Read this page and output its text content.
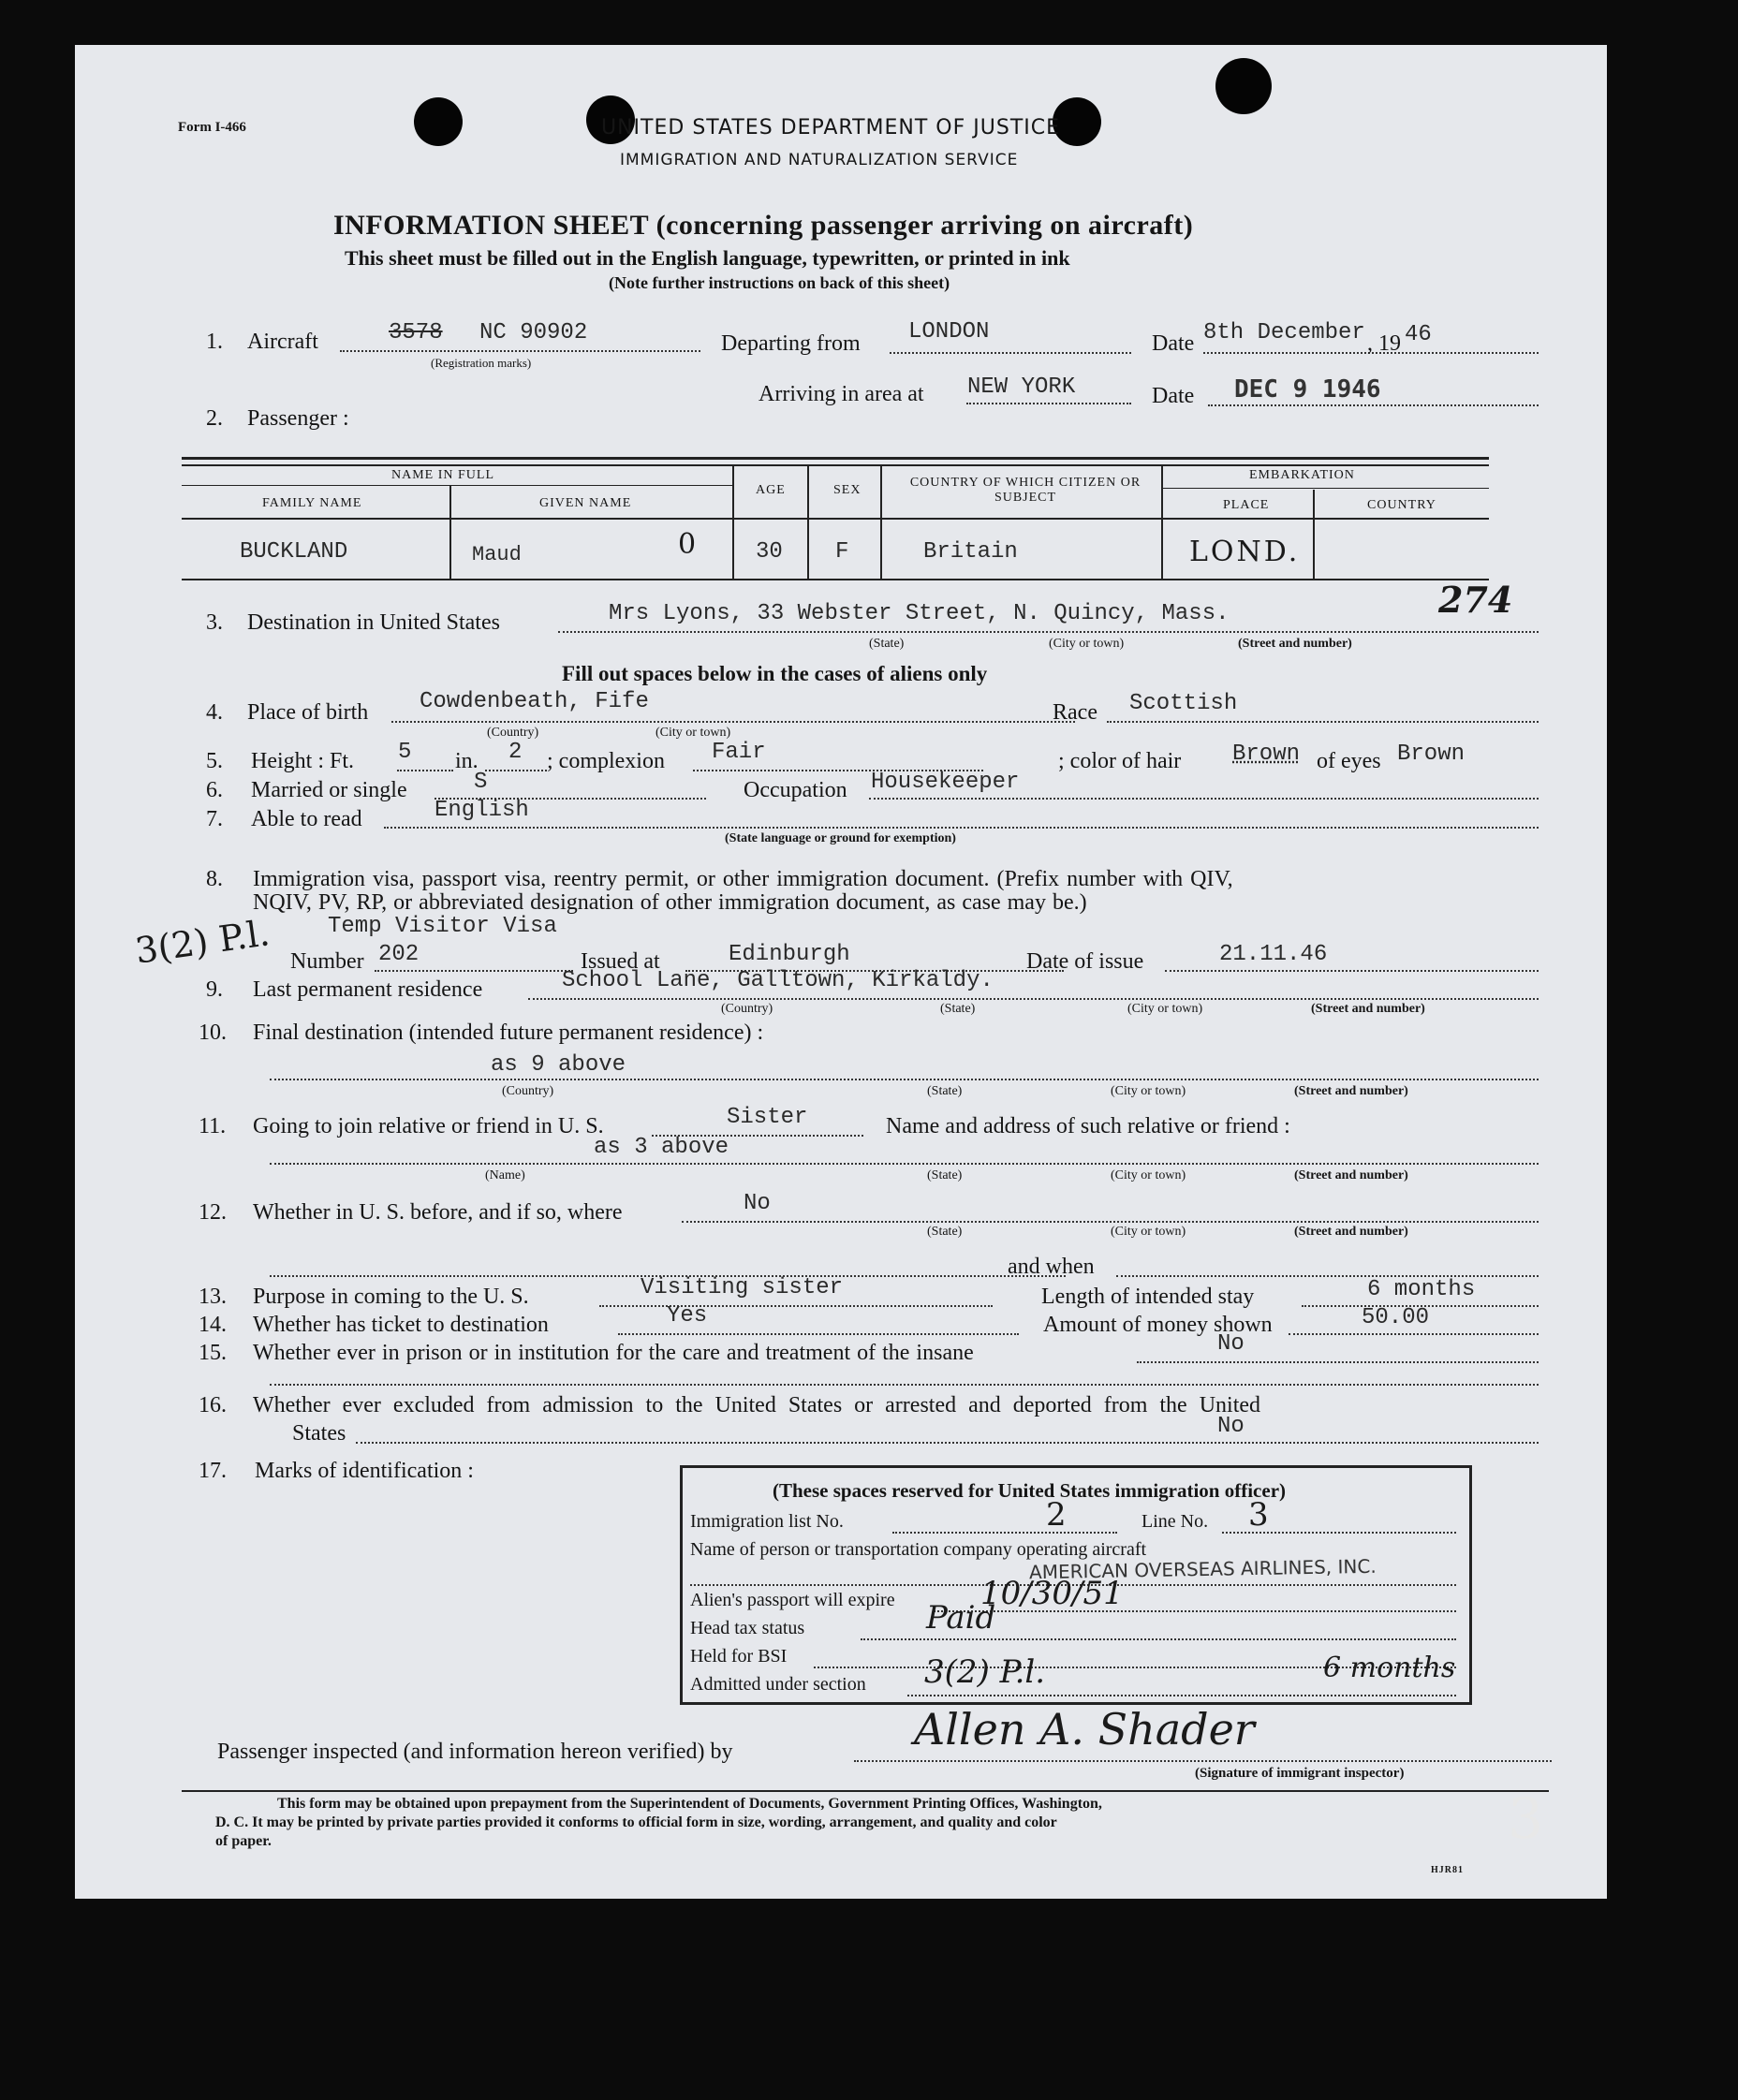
Form I-466	UNITED STATES DEPARTMENT OF JUSTICE
IMMIGRATION AND NATURALIZATION SERVICE
INFORMATION SHEET (concerning passenger arriving on aircraft)
This sheet must be filled out in the English language, typewritten, or printed in ink
(Note further instructions on back of this sheet)
1. Aircraft	3578 NC 90902
(Registration marks)
Departing from LONDON	Date 8th December , 19 46
Arriving in area at NEW YORK	Date DEC 9 1946
2. Passenger :
NAME IN FULL
FAMILY NAME	GIVEN NAME
AGE	SEX
COUNTRY OF WHICH CITIZEN OR SUBJECT
EMBARKATION
PLACE	COUNTRY
BUCKLAND	Maud	0	30 F	Britain	LOND.
274
3. Destination in United States	Mrs Lyons, 33 Webster Street, N. Quincy, Mass.
(State)	(City or town)	(Street and number)
Fill out spaces below in the cases of aliens only
4. Place of birth Cowdenbeath, Fife
(Country)	(City or town)
Race Scottish
5. Height : Ft. 5 in. 2 ; complexion Fair	; color of hair Brown of eyes Brown
6. Married or single	S	Occupation Housekeeper
7. Able to read	English
(State language or ground for exemption)
8. Immigration visa, passport visa, reentry permit, or other immigration document. (Prefix number with QIV,
NQIV, PV, RP, or abbreviated designation of other immigration document, as case may be.)
3(2) P.l. Temp Visitor Visa
Number 202	Issued at	Edinburgh	Date of issue	21.11.46
9. Last permanent residence	School Lane, Galltown, Kirkaldy.
(Country)	(State)	(City or town)	(Street and number)
10. Final destination (intended future permanent residence) :
as 9 above
(Country)	(State)	(City or town)	(Street and number)
11. Going to join relative or friend in U. S.	Sister	Name and address of such relative or friend :
as 3 above
(Name)	(State)	(City or town)	(Street and number)
12. Whether in U. S. before, and if so, where	No
(State)	(City or town)	(Street and number)
and when
13. Purpose in coming to the U. S.	Visiting sister	Length of intended stay	6 months
14. Whether has ticket to destination	Yes	Amount of money shown	50.00
15. Whether ever in prison or in institution for the care and treatment of the insane	No
16. Whether ever excluded from admission to the United States or arrested and deported from the United
States	No
17. Marks of identification :
(These spaces reserved for United States immigration officer)
Immigration list No.	2	Line No. 3
Name of person or transportation company operating aircraft
AMERICAN OVERSEAS AIRLINES, INC.
Alien's passport will expire	10/30/51
Head tax status	Paid
Held for BSI
Admitted under section 3(2) P.l.	6 months
Passenger inspected (and information hereon verified) by	Allen A. Shader
(Signature of immigrant inspector)
This form may be obtained upon prepayment from the Superintendent of Documents, Government Printing Offices, Washington,
D. C. It may be printed by private parties provided it conforms to official form in size, wording, arrangement, and quality and color
of paper.
HJR81
3
